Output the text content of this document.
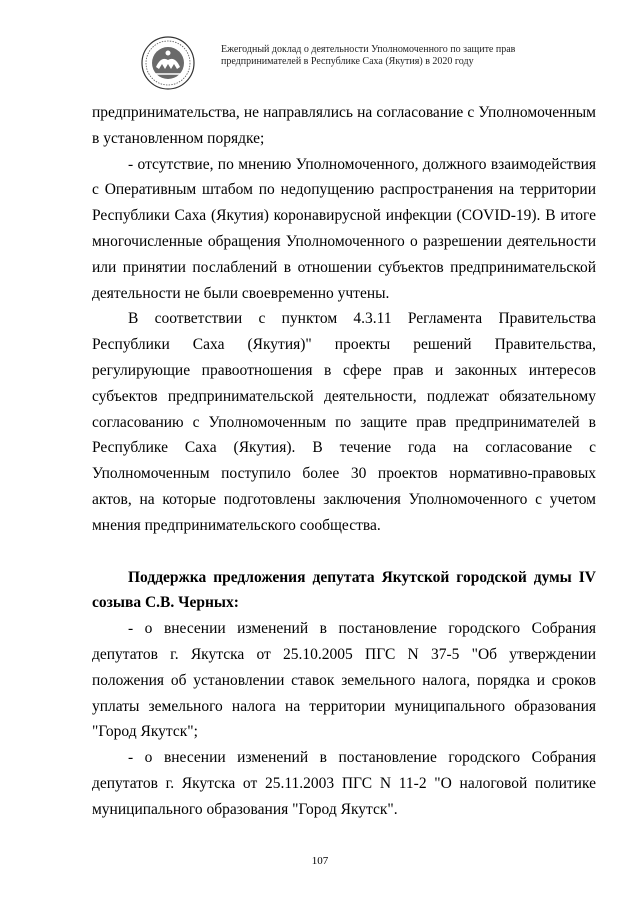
Ежегодный доклад о деятельности Уполномоченного по защите прав
предпринимателей в Республике Саха (Якутия) в 2020 году

предпринимательства, не направлялись на согласование с Уполномоченным в установленном порядке;

- отсутствие, по мнению Уполномоченного, должного взаимодействия с Оперативным штабом по недопущению распространения на территории Республики Саха (Якутия) коронавирусной инфекции (COVID-19). В итоге многочисленные обращения Уполномоченного о разрешении деятельности или принятии послаблений в отношении субъектов предпринимательской деятельности не были своевременно учтены.

В соответствии с пунктом 4.3.11 Регламента Правительства Республики Саха (Якутия)" проекты решений Правительства, регулирующие правоотношения в сфере прав и законных интересов субъектов предпринимательской деятельности, подлежат обязательному согласованию с Уполномоченным по защите прав предпринимателей в Республике Саха (Якутия). В течение года на согласование с Уполномоченным поступило более 30 проектов нормативно-правовых актов, на которые подготовлены заключения Уполномоченного с учетом мнения предпринимательского сообщества.

Поддержка предложения депутата Якутской городской думы IV созыва С.В. Черных:

- о внесении изменений в постановление городского Собрания депутатов г. Якутска от 25.10.2005 ПГС N 37-5 "Об утверждении положения об установлении ставок земельного налога, порядка и сроков уплаты земельного налога на территории муниципального образования "Город Якутск";

- о внесении изменений в постановление городского Собрания депутатов г. Якутска от 25.11.2003 ПГС N 11-2 "О налоговой политике муниципального образования "Город Якутск".

107
